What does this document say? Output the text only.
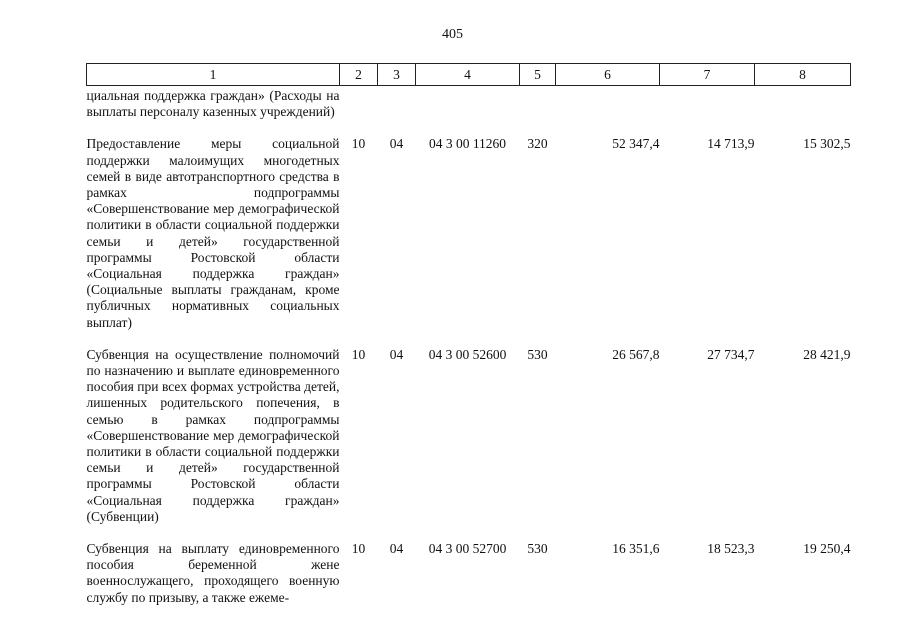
405
1	2	3	4	5	6	7	8

циальная поддержка граждан» (Расходы на выплаты персоналу казенных учреждений)							

Предоставление меры социальной поддержки малоимущих многодетных семей в виде автотранспортного средства в рамках подпрограммы «Совершенствование мер демографической политики в области социальной поддержки семьи и детей» государственной программы Ростовской области «Социальная поддержка граждан» (Социальные выплаты гражданам, кроме публичных нормативных социальных выплат)	10	04	04 3 00 11260	320	52 347,4	14 713,9	15 302,5

Субвенция на осуществление полномочий по назначению и выплате единовременного пособия при всех формах устройства детей, лишенных родительского попечения, в семью в рамках подпрограммы «Совершенствование мер демографической политики в области социальной поддержки семьи и детей» государственной программы Ростовской области «Социальная поддержка граждан» (Субвенции)	10	04	04 3 00 52600	530	26 567,8	27 734,7	28 421,9

Субвенция на выплату единовременного пособия беременной жене военнослужащего, проходящего военную службу по призыву, а также ежеме-	10	04	04 3 00 52700	530	16 351,6	18 523,3	19 250,4
